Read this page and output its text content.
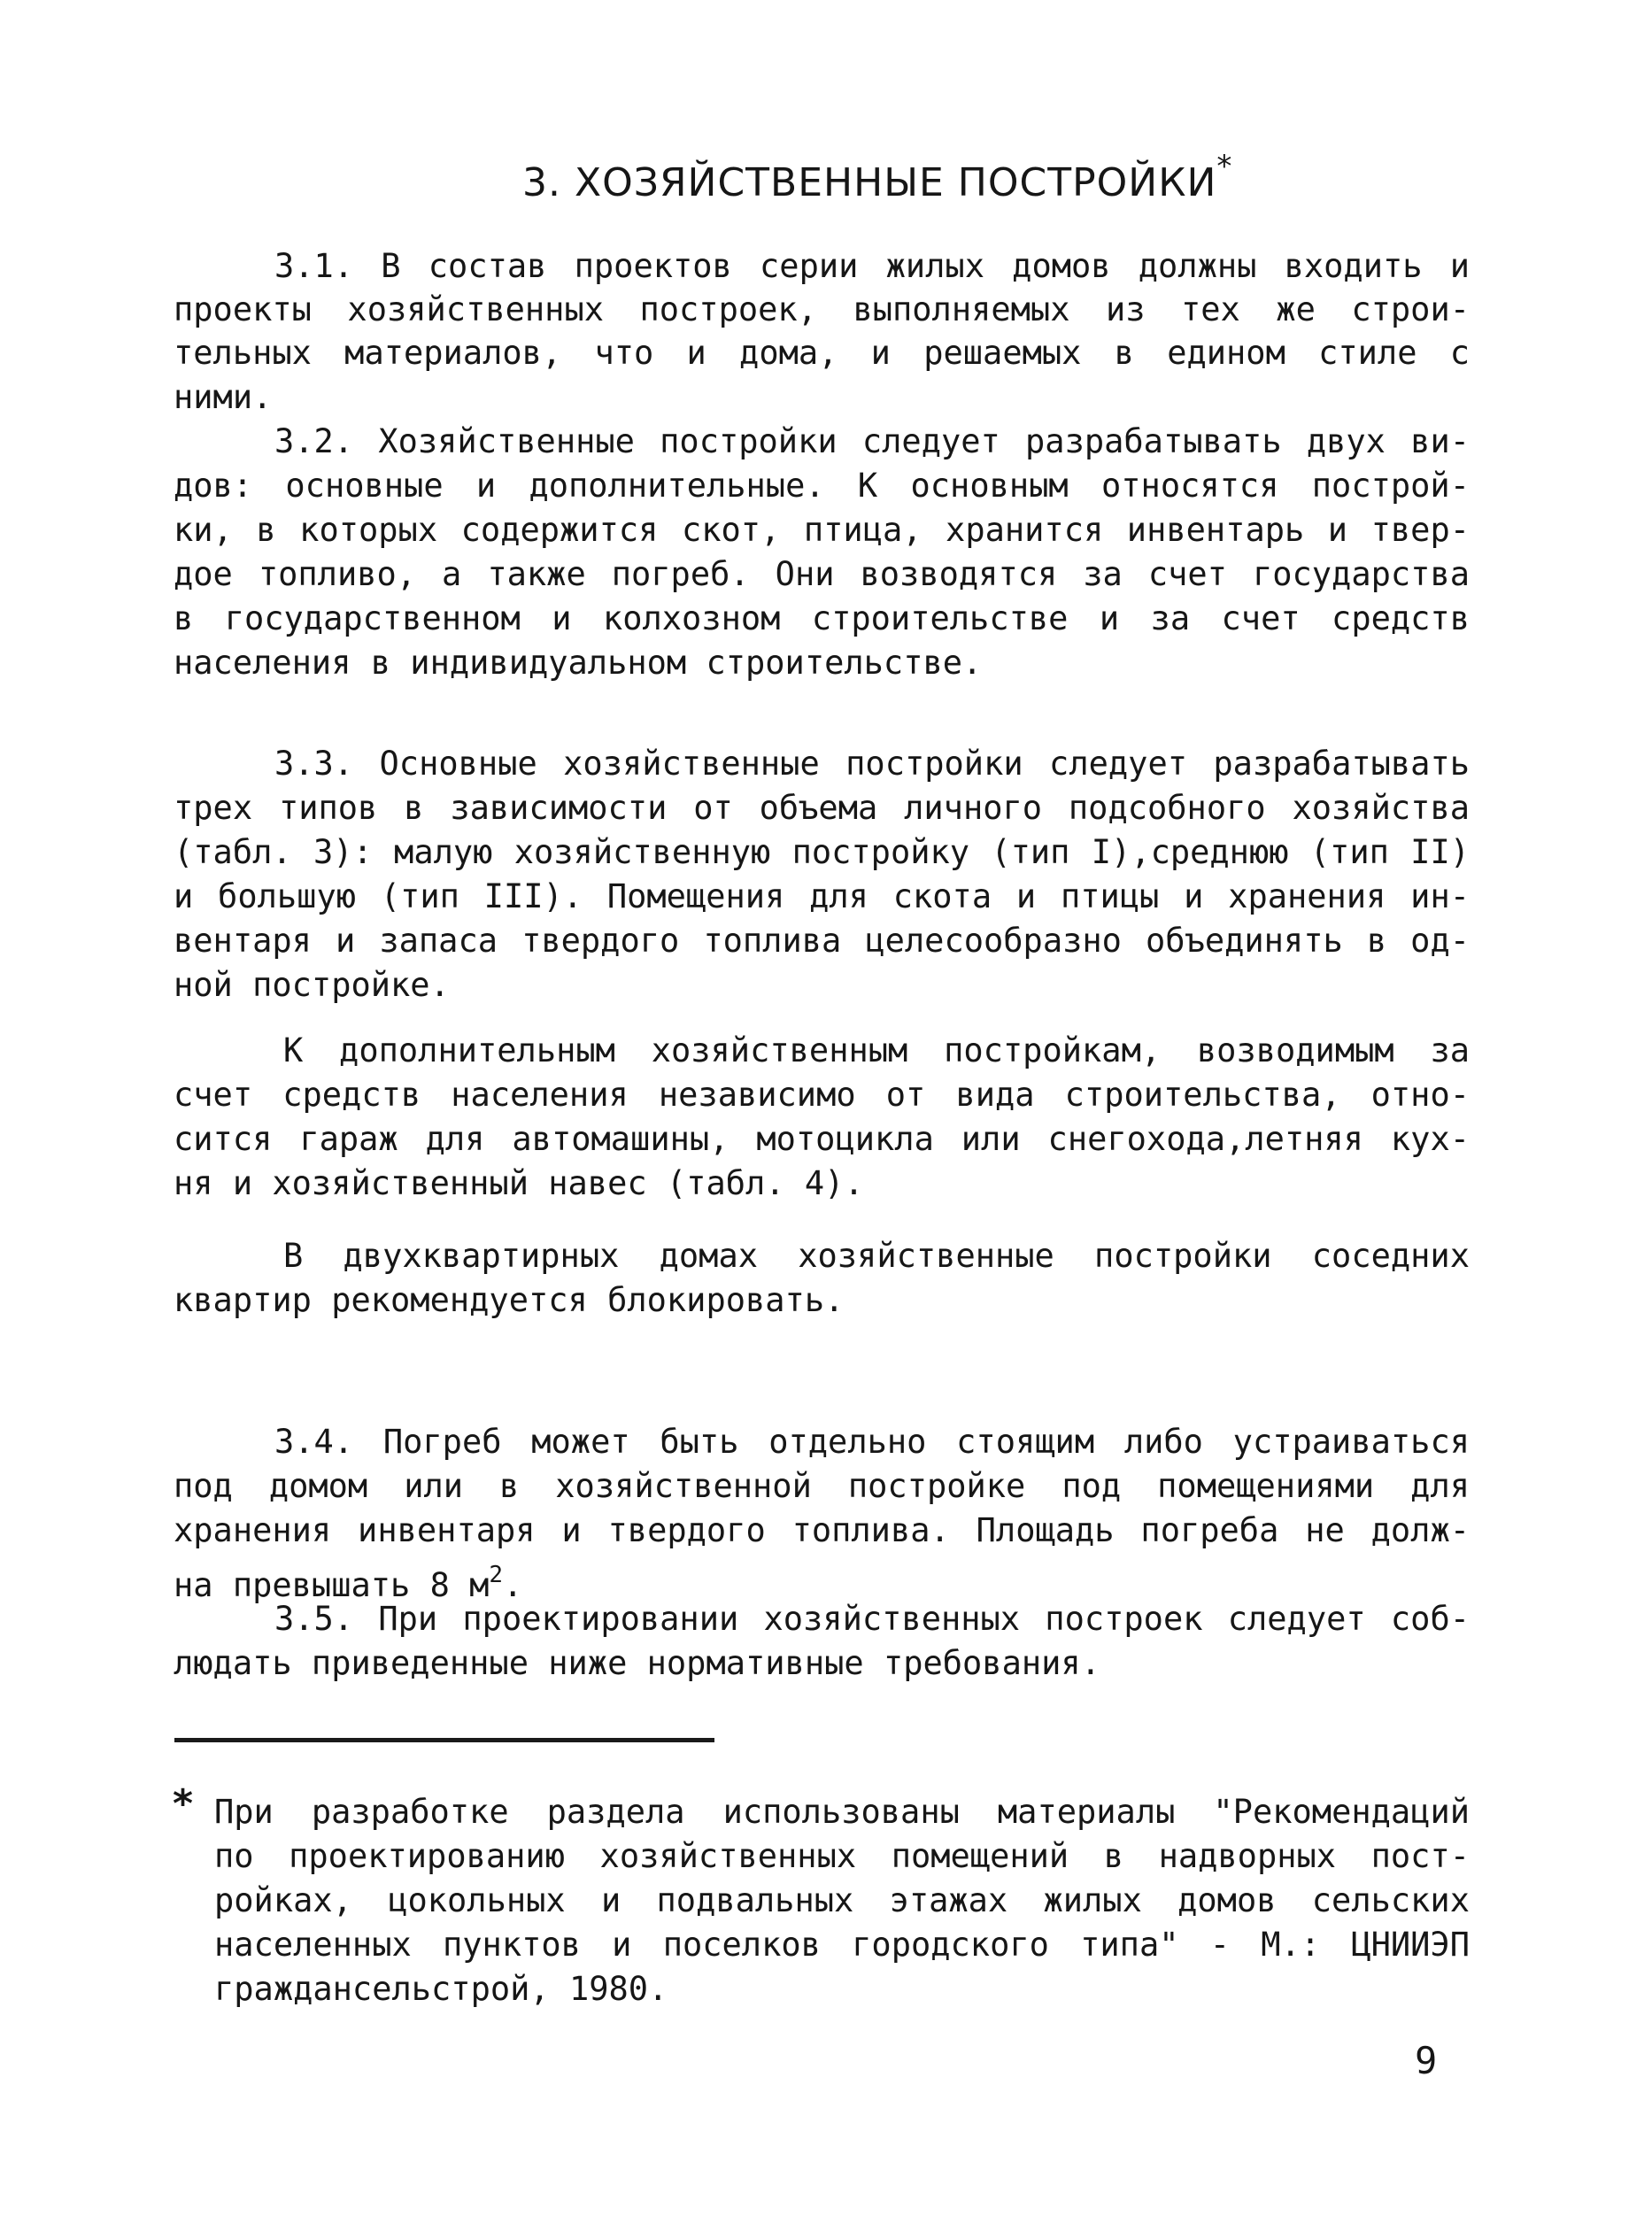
3. ХОЗЯЙСТВЕННЫЕ ПОСТРОЙКИ*
3.1. В состав проектов серии жилых домов должны входить и
проекты хозяйственных построек, выполняемых из тех же строи-
тельных материалов, что и дома, и решаемых в едином стиле с
ними.
3.2. Хозяйственные постройки следует разрабатывать двух ви-
дов: основные и дополнительные. К основным относятся построй-
ки, в которых содержится скот, птица, хранится инвентарь и твер-
дое топливо, а также погреб. Они возводятся за счет государства
в государственном и колхозном строительстве и за счет средств
населения в индивидуальном строительстве.
3.3. Основные хозяйственные постройки следует разрабатывать
трех типов в зависимости от объема личного подсобного хозяйства
(табл. 3): малую хозяйственную постройку (тип I),среднюю (тип II)
и большую (тип III). Помещения для скота и птицы и хранения ин-
вентаря и запаса твердого топлива целесообразно объединять в од-
ной постройке.
К дополнительным хозяйственным постройкам, возводимым за
счет средств населения независимо от вида строительства, отно-
сится гараж для автомашины, мотоцикла или снегохода,летняя кух-
ня и хозяйственный навес (табл. 4).
В двухквартирных домах хозяйственные постройки соседних
квартир рекомендуется блокировать.
3.4. Погреб может быть отдельно стоящим либо устраиваться
под домом или в хозяйственной постройке под помещениями для
хранения инвентаря и твердого топлива. Площадь погреба не долж-
на превышать 8 $м^2$.
3.5. При проектировании хозяйственных построек следует соб-
людать приведенные ниже нормативные требования.
* При разработке раздела использованы материалы "Рекомендаций
по проектированию хозяйственных помещений в надворных пост-
ройках, цокольных и подвальных этажах жилых домов сельских
населенных пунктов и поселков городского типа" - М.: ЦНИИЭП
граждансельстрой, 1980.
9
